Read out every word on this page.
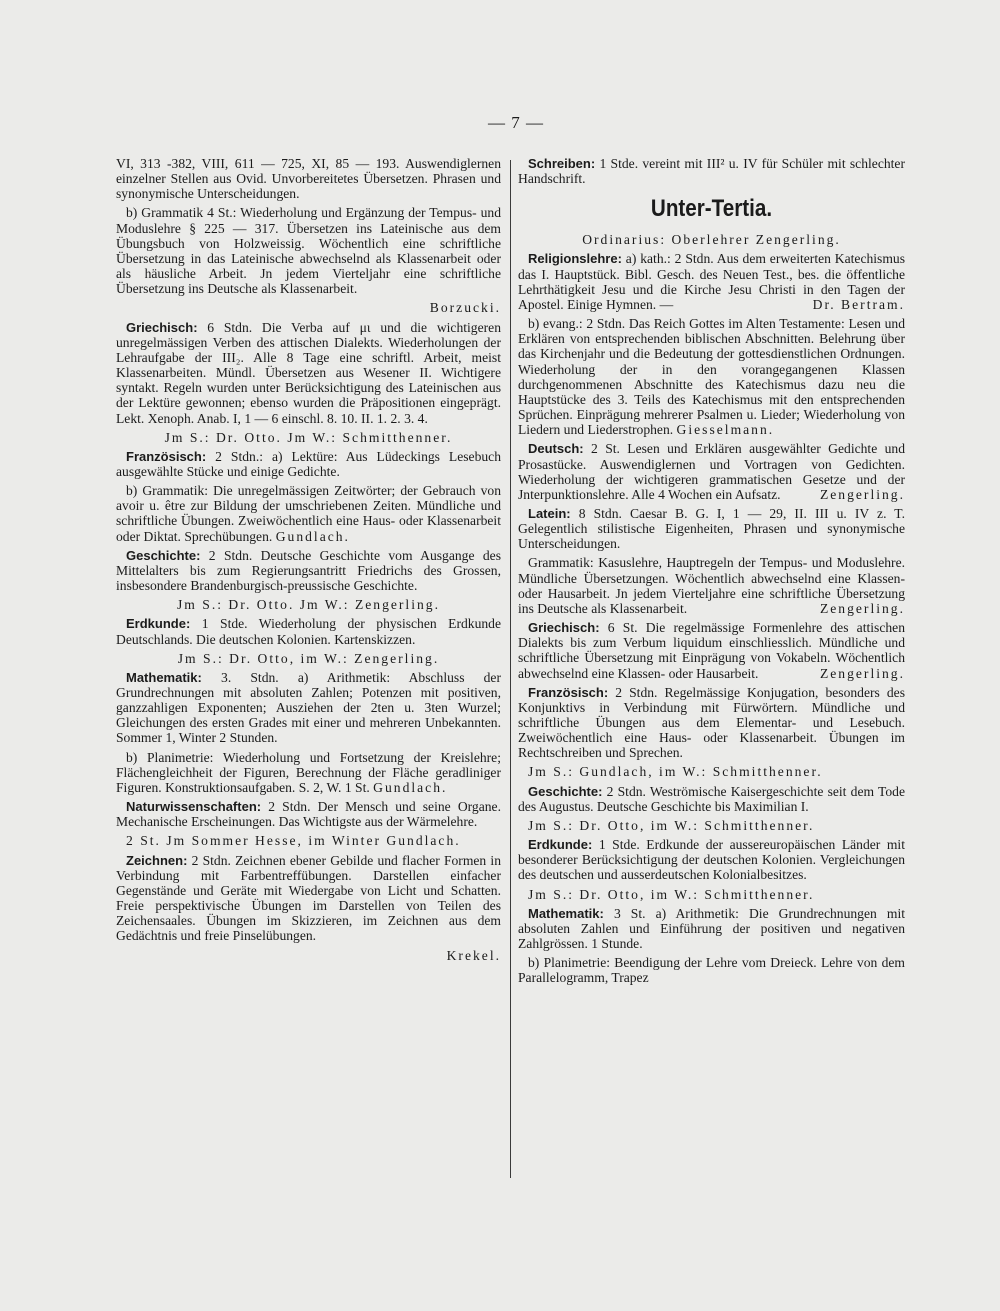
— 7 —

VI, 313 -382, VIII, 611 — 725, XI, 85 — 193. Auswendiglernen einzelner Stellen aus Ovid. Unvorbereitetes Übersetzen. Phrasen und synonymische Unterscheidungen.

b) Grammatik 4 St.: Wiederholung und Ergänzung der Tempus- und Moduslehre § 225 — 317. Übersetzen ins Lateinische aus dem Übungsbuch von Holzweissig. Wöchentlich eine schriftliche Übersetzung in das Lateinische abwechselnd als Klassenarbeit oder als häusliche Arbeit. Jn jedem Vierteljahr eine schriftliche Übersetzung ins Deutsche als Klassenarbeit.

Borzucki.

Griechisch: 6 Stdn. Die Verba auf μι und die wichtigeren unregelmässigen Verben des attischen Dialekts. Wiederholungen der Lehraufgabe der III₂. Alle 8 Tage eine schriftl. Arbeit, meist Klassenarbeiten. Mündl. Übersetzen aus Wesener II. Wichtigere syntakt. Regeln wurden unter Berücksichtigung des Lateinischen aus der Lektüre gewonnen; ebenso wurden die Präpositionen eingeprägt. Lekt. Xenoph. Anab. I, 1 — 6 einschl. 8. 10. II. 1. 2. 3. 4.

Jm S.: Dr. Otto. Jm W.: Schmitthenner.

Französisch: 2 Stdn.: a) Lektüre: Aus Lüdeckings Lesebuch ausgewählte Stücke und einige Gedichte.

b) Grammatik: Die unregelmässigen Zeitwörter; der Gebrauch von avoir u. être zur Bildung der umschriebenen Zeiten. Mündliche und schriftliche Übungen. Zweiwöchentlich eine Haus- oder Klassenarbeit oder Diktat. Sprechübungen. Gundlach.

Geschichte: 2 Stdn. Deutsche Geschichte vom Ausgange des Mittelalters bis zum Regierungsantritt Friedrichs des Grossen, insbesondere Brandenburgisch-preussische Geschichte.

Jm S.: Dr. Otto. Jm W.: Zengerling.

Erdkunde: 1 Stde. Wiederholung der physischen Erdkunde Deutschlands. Die deutschen Kolonien. Kartenskizzen.

Jm S.: Dr. Otto, im W.: Zengerling.

Mathematik: 3. Stdn. a) Arithmetik: Abschluss der Grundrechnungen mit absoluten Zahlen; Potenzen mit positiven, ganzzahligen Exponenten; Ausziehen der 2ten u. 3ten Wurzel; Gleichungen des ersten Grades mit einer und mehreren Unbekannten. Sommer 1, Winter 2 Stunden.

b) Planimetrie: Wiederholung und Fortsetzung der Kreislehre; Flächengleichheit der Figuren, Berechnung der Fläche geradliniger Figuren. Konstruktionsaufgaben. S. 2, W. 1 St. Gundlach.

Naturwissenschaften: 2 Stdn. Der Mensch und seine Organe. Mechanische Erscheinungen. Das Wichtigste aus der Wärmelehre.

2 St. Jm Sommer Hesse, im Winter Gundlach.

Zeichnen: 2 Stdn. Zeichnen ebener Gebilde und flacher Formen in Verbindung mit Farbentreffübungen. Darstellen einfacher Gegenstände und Geräte mit Wiedergabe von Licht und Schatten. Freie perspektivische Übungen im Darstellen von Teilen des Zeichensaales. Übungen im Skizzieren, im Zeichnen aus dem Gedächtnis und freie Pinselübungen.

Krekel.

Schreiben: 1 Stde. vereint mit III² u. IV für Schüler mit schlechter Handschrift.

Unter-Tertia.

Ordinarius: Oberlehrer Zengerling.

Religionslehre: a) kath.: 2 Stdn. Aus dem erweiterten Katechismus das I. Hauptstück. Bibl. Gesch. des Neuen Test., bes. die öffentliche Lehrthätigkeit Jesu und die Kirche Jesu Christi in den Tagen der Apostel. Einige Hymnen. —	Dr. Bertram.

b) evang.: 2 Stdn. Das Reich Gottes im Alten Testamente: Lesen und Erklären von entsprechenden biblischen Abschnitten. Belehrung über das Kirchenjahr und die Bedeutung der gottesdienstlichen Ordnungen. Wiederholung der in den vorangegangenen Klassen durchgenommenen Abschnitte des Katechismus dazu neu die Hauptstücke des 3. Teils des Katechismus mit den entsprechenden Sprüchen. Einprägung mehrerer Psalmen u. Lieder; Wiederholung von Liedern und Liederstrophen. Giesselmann.

Deutsch: 2 St. Lesen und Erklären ausgewählter Gedichte und Prosastücke. Auswendiglernen und Vortragen von Gedichten. Wiederholung der wichtigeren grammatischen Gesetze und der Jnterpunktionslehre. Alle 4 Wochen ein Aufsatz.	Zengerling.

Latein: 8 Stdn. Caesar B. G. I, 1 — 29, II. III u. IV z. T. Gelegentlich stilistische Eigenheiten, Phrasen und synonymische Unterscheidungen.

Grammatik: Kasuslehre, Hauptregeln der Tempus- und Moduslehre. Mündliche Übersetzungen. Wöchentlich abwechselnd eine Klassen- oder Hausarbeit. Jn jedem Vierteljahre eine schriftliche Übersetzung ins Deutsche als Klassenarbeit.	Zengerling.

Griechisch: 6 St. Die regelmässige Formenlehre des attischen Dialekts bis zum Verbum liquidum einschliesslich. Mündliche und schriftliche Übersetzung mit Einprägung von Vokabeln. Wöchentlich abwechselnd eine Klassen- oder Hausarbeit.	Zengerling.

Französisch: 2 Stdn. Regelmässige Konjugation, besonders des Konjunktivs in Verbindung mit Fürwörtern. Mündliche und schriftliche Übungen aus dem Elementar- und Lesebuch. Zweiwöchentlich eine Haus- oder Klassenarbeit. Übungen im Rechtschreiben und Sprechen.

Jm S.: Gundlach, im W.: Schmitthenner.

Geschichte: 2 Stdn. Weströmische Kaisergeschichte seit dem Tode des Augustus. Deutsche Geschichte bis Maximilian I.

Jm S.: Dr. Otto, im W.: Schmitthenner.

Erdkunde: 1 Stde. Erdkunde der aussereuropäischen Länder mit besonderer Berücksichtigung der deutschen Kolonien. Vergleichungen des deutschen und ausserdeutschen Kolonialbesitzes.

Jm S.: Dr. Otto, im W.: Schmitthenner.

Mathematik: 3 St. a) Arithmetik: Die Grundrechnungen mit absoluten Zahlen und Einführung der positiven und negativen Zahlgrössen. 1 Stunde.

b) Planimetrie: Beendigung der Lehre vom Dreieck. Lehre von dem Parallelogramm, Trapez
